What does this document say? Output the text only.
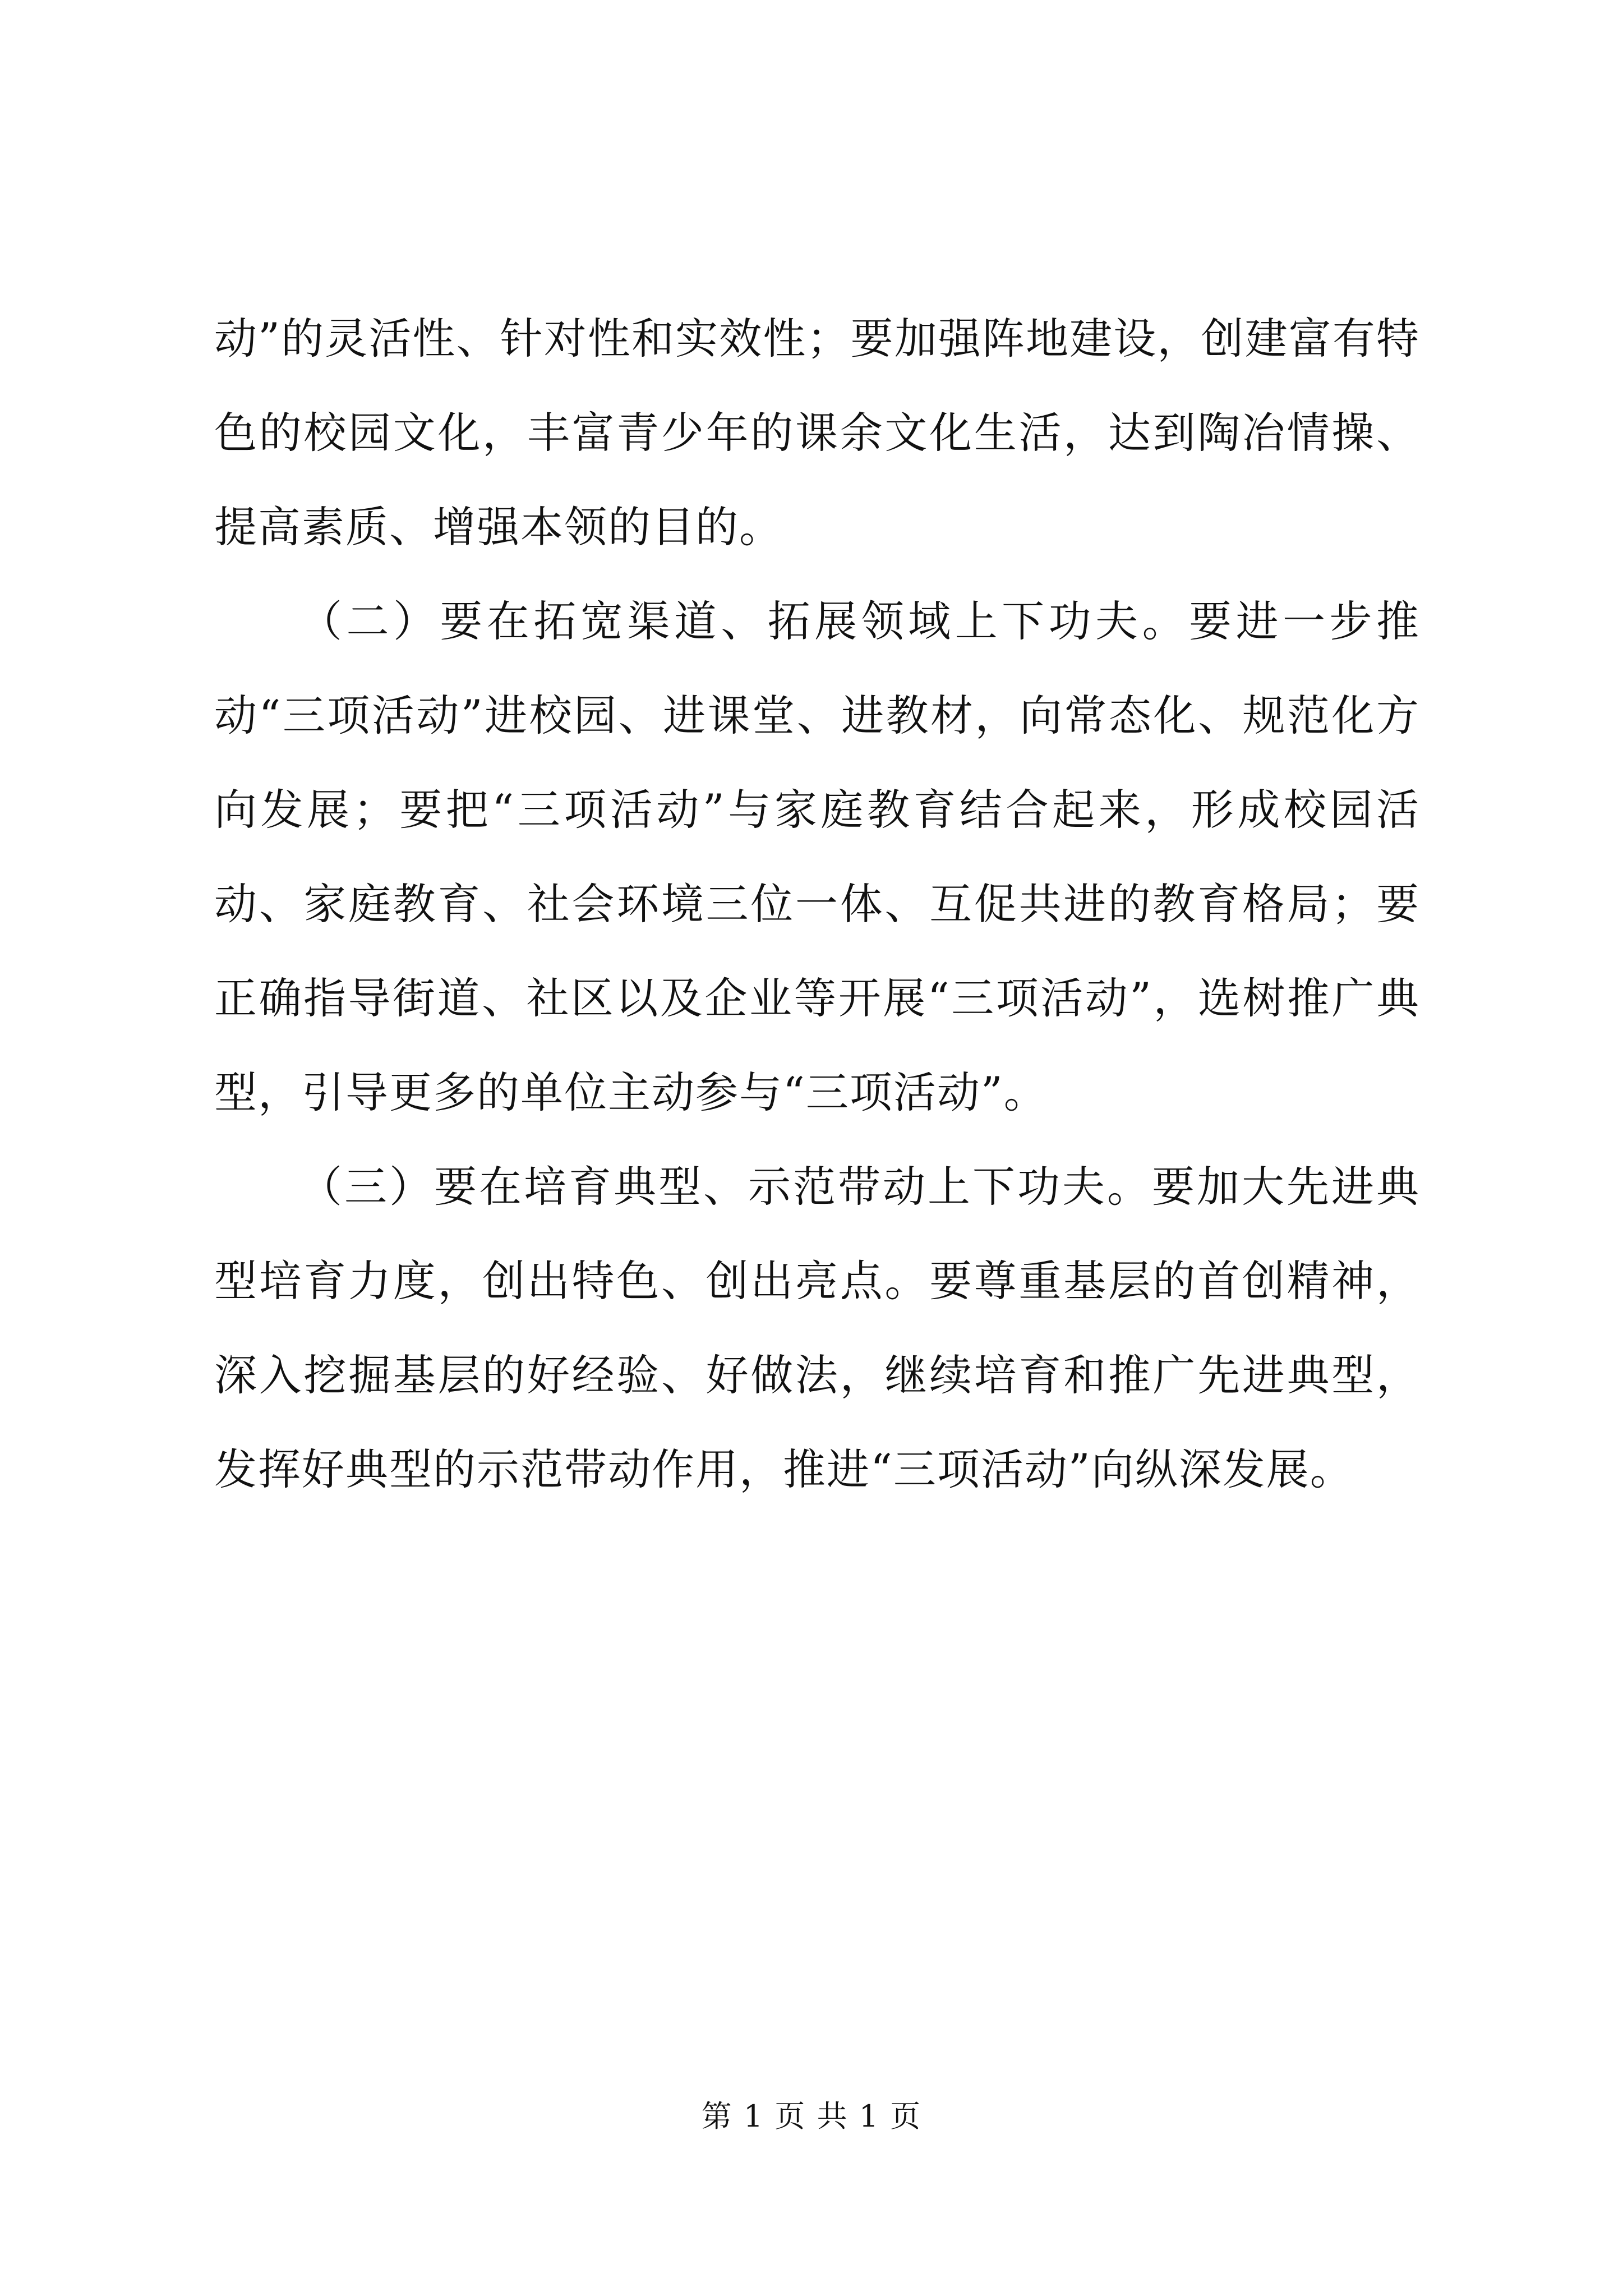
动”的灵活性、针对性和实效性；要加强阵地建设，创建富有特色的校园文化，丰富青少年的课余文化生活，达到陶冶情操、提高素质、增强本领的目的。

（二）要在拓宽渠道、拓展领域上下功夫。要进一步推动“三项活动”进校园、进课堂、进教材，向常态化、规范化方向发展；要把“三项活动”与家庭教育结合起来，形成校园活动、家庭教育、社会环境三位一体、互促共进的教育格局；要正确指导街道、社区以及企业等开展“三项活动”，选树推广典型，引导更多的单位主动参与“三项活动”。

（三）要在培育典型、示范带动上下功夫。要加大先进典型培育力度，创出特色、创出亮点。要尊重基层的首创精神，深入挖掘基层的好经验、好做法，继续培育和推广先进典型，发挥好典型的示范带动作用，推进“三项活动”向纵深发展。

第 1 页 共 1 页
